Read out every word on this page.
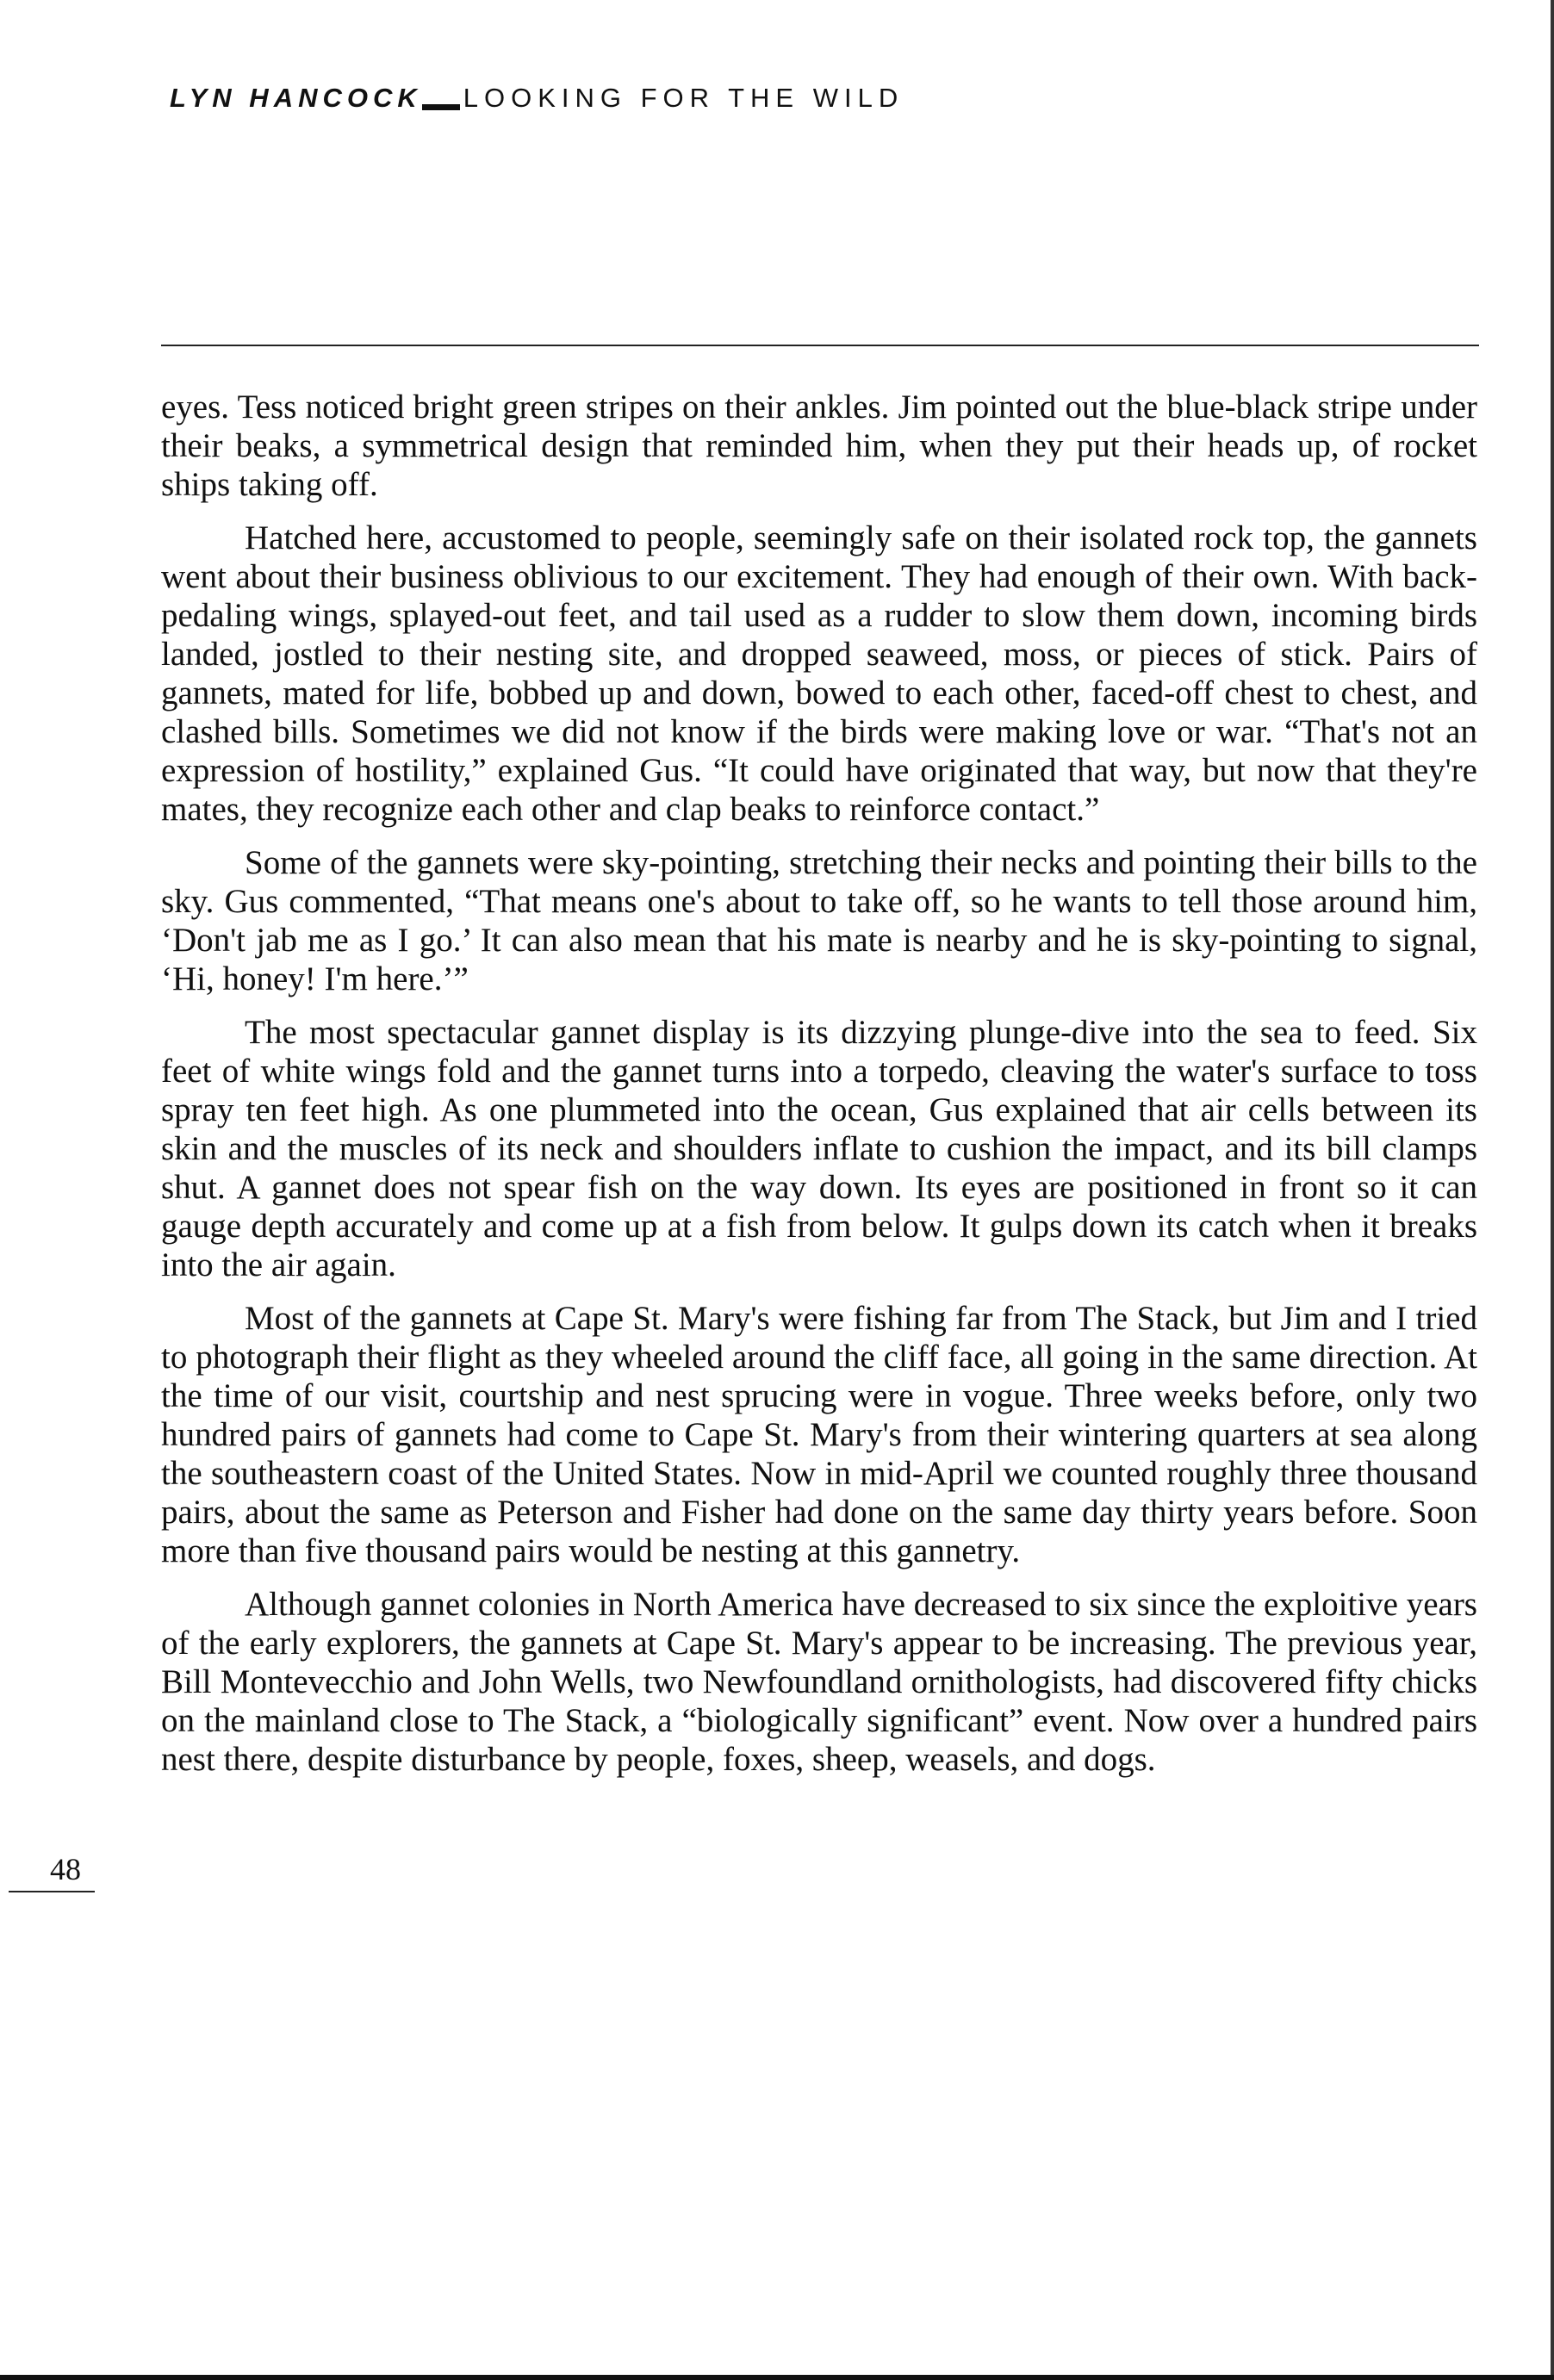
LYN HANCOCK LOOKING FOR THE WILD

eyes. Tess noticed bright green stripes on their ankles. Jim pointed out the blue-black stripe under their beaks, a symmetrical design that reminded him, when they put their heads up, of rocket ships taking off.

Hatched here, accustomed to people, seemingly safe on their isolated rock top, the gannets went about their business oblivious to our excitement. They had enough of their own. With back-pedaling wings, splayed-out feet, and tail used as a rudder to slow them down, incoming birds landed, jostled to their nesting site, and dropped seaweed, moss, or pieces of stick. Pairs of gannets, mated for life, bobbed up and down, bowed to each other, faced-off chest to chest, and clashed bills. Sometimes we did not know if the birds were making love or war. “That's not an expression of hostility,” explained Gus. “It could have originated that way, but now that they're mates, they recognize each other and clap beaks to reinforce contact.”

Some of the gannets were sky-pointing, stretching their necks and pointing their bills to the sky. Gus commented, “That means one's about to take off, so he wants to tell those around him, ‘Don't jab me as I go.’ It can also mean that his mate is nearby and he is sky-pointing to signal, ‘Hi, honey! I'm here.’”

The most spectacular gannet display is its dizzying plunge-dive into the sea to feed. Six feet of white wings fold and the gannet turns into a torpedo, cleaving the water's surface to toss spray ten feet high. As one plummeted into the ocean, Gus explained that air cells between its skin and the muscles of its neck and shoulders inflate to cushion the impact, and its bill clamps shut. A gannet does not spear fish on the way down. Its eyes are positioned in front so it can gauge depth accurately and come up at a fish from below. It gulps down its catch when it breaks into the air again.

Most of the gannets at Cape St. Mary's were fishing far from The Stack, but Jim and I tried to photograph their flight as they wheeled around the cliff face, all going in the same direction. At the time of our visit, courtship and nest sprucing were in vogue. Three weeks before, only two hundred pairs of gannets had come to Cape St. Mary's from their wintering quarters at sea along the southeastern coast of the United States. Now in mid-April we counted roughly three thousand pairs, about the same as Peterson and Fisher had done on the same day thirty years before. Soon more than five thousand pairs would be nesting at this gannetry.

Although gannet colonies in North America have decreased to six since the exploitive years of the early explorers, the gannets at Cape St. Mary's appear to be increasing. The previous year, Bill Montevecchio and John Wells, two Newfoundland ornithologists, had discovered fifty chicks on the mainland close to The Stack, a “biologically significant” event. Now over a hundred pairs nest there, despite disturbance by people, foxes, sheep, weasels, and dogs.

48
